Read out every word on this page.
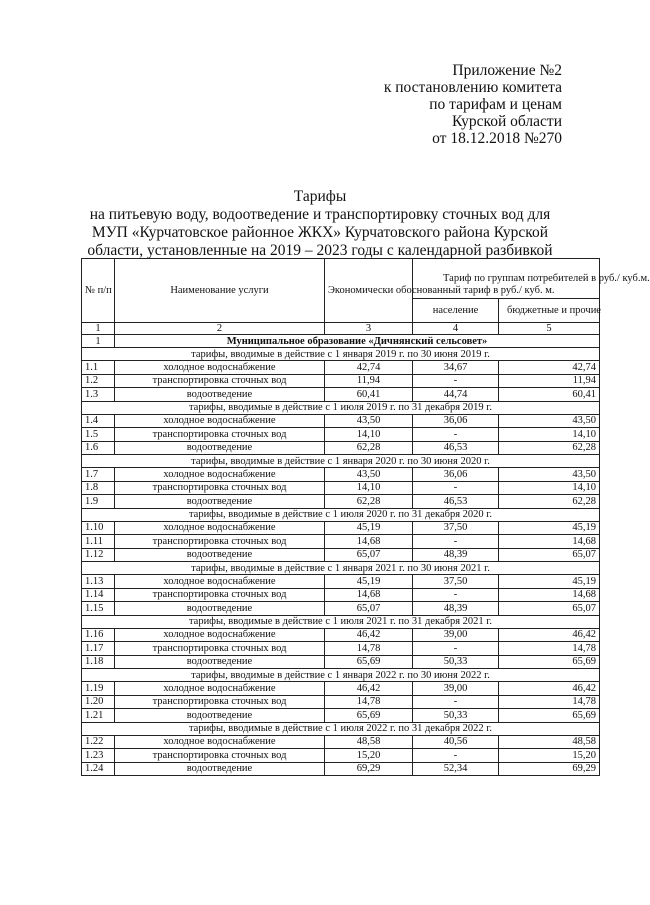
Приложение №2
к постановлению комитета
по тарифам и ценам
Курской области
от 18.12.2018 №270
Тарифы
на питьевую воду, водоотведение и транспортировку сточных вод для
МУП «Курчатовское районное ЖКХ» Курчатовского района Курской
области, установленные на 2019 – 2023 годы с календарной разбивкой
№ п/п	Наименование услуги	Экономически обоснованный тариф в руб./ куб. м.	Тариф по группам потребителей в руб./ куб.м.	
			население	бюджетные и прочие
1	2	3	4	5
1	Муниципальное образование «Дичнянский сельсовет»			
тарифы, вводимые в действие с 1 января 2019 г. по 30 июня 2019 г.				
1.1	холодное водоснабжение	42,74	34,67	42,74
1.2	транспортировка сточных вод	11,94	-	11,94
1.3	водоотведение	60,41	44,74	60,41
тарифы, вводимые в действие с 1 июля 2019 г. по 31 декабря 2019 г.				
1.4	холодное водоснабжение	43,50	36,06	43,50
1.5	транспортировка сточных вод	14,10	-	14,10
1.6	водоотведение	62,28	46,53	62,28
тарифы, вводимые в действие с 1 января 2020 г. по 30 июня 2020 г.				
1.7	холодное водоснабжение	43,50	36,06	43,50
1.8	транспортировка сточных вод	14,10	-	14,10
1.9	водоотведение	62,28	46,53	62,28
тарифы, вводимые в действие с 1 июля 2020 г. по 31 декабря 2020 г.				
1.10	холодное водоснабжение	45,19	37,50	45,19
1.11	транспортировка сточных вод	14,68	-	14,68
1.12	водоотведение	65,07	48,39	65,07
тарифы, вводимые в действие с 1 января 2021 г. по 30 июня 2021 г.				
1.13	холодное водоснабжение	45,19	37,50	45,19
1.14	транспортировка сточных вод	14,68	-	14,68
1.15	водоотведение	65,07	48,39	65,07
тарифы, вводимые в действие с 1 июля 2021 г. по 31 декабря 2021 г.				
1.16	холодное водоснабжение	46,42	39,00	46,42
1.17	транспортировка сточных вод	14,78	-	14,78
1.18	водоотведение	65,69	50,33	65,69
тарифы, вводимые в действие с 1 января 2022 г. по 30 июня 2022 г.				
1.19	холодное водоснабжение	46,42	39,00	46,42
1.20	транспортировка сточных вод	14,78	-	14,78
1.21	водоотведение	65,69	50,33	65,69
тарифы, вводимые в действие с 1 июля 2022 г. по 31 декабря 2022 г.				
1.22	холодное водоснабжение	48,58	40,56	48,58
1.23	транспортировка сточных вод	15,20	-	15,20
1.24	водоотведение	69,29	52,34	69,29
